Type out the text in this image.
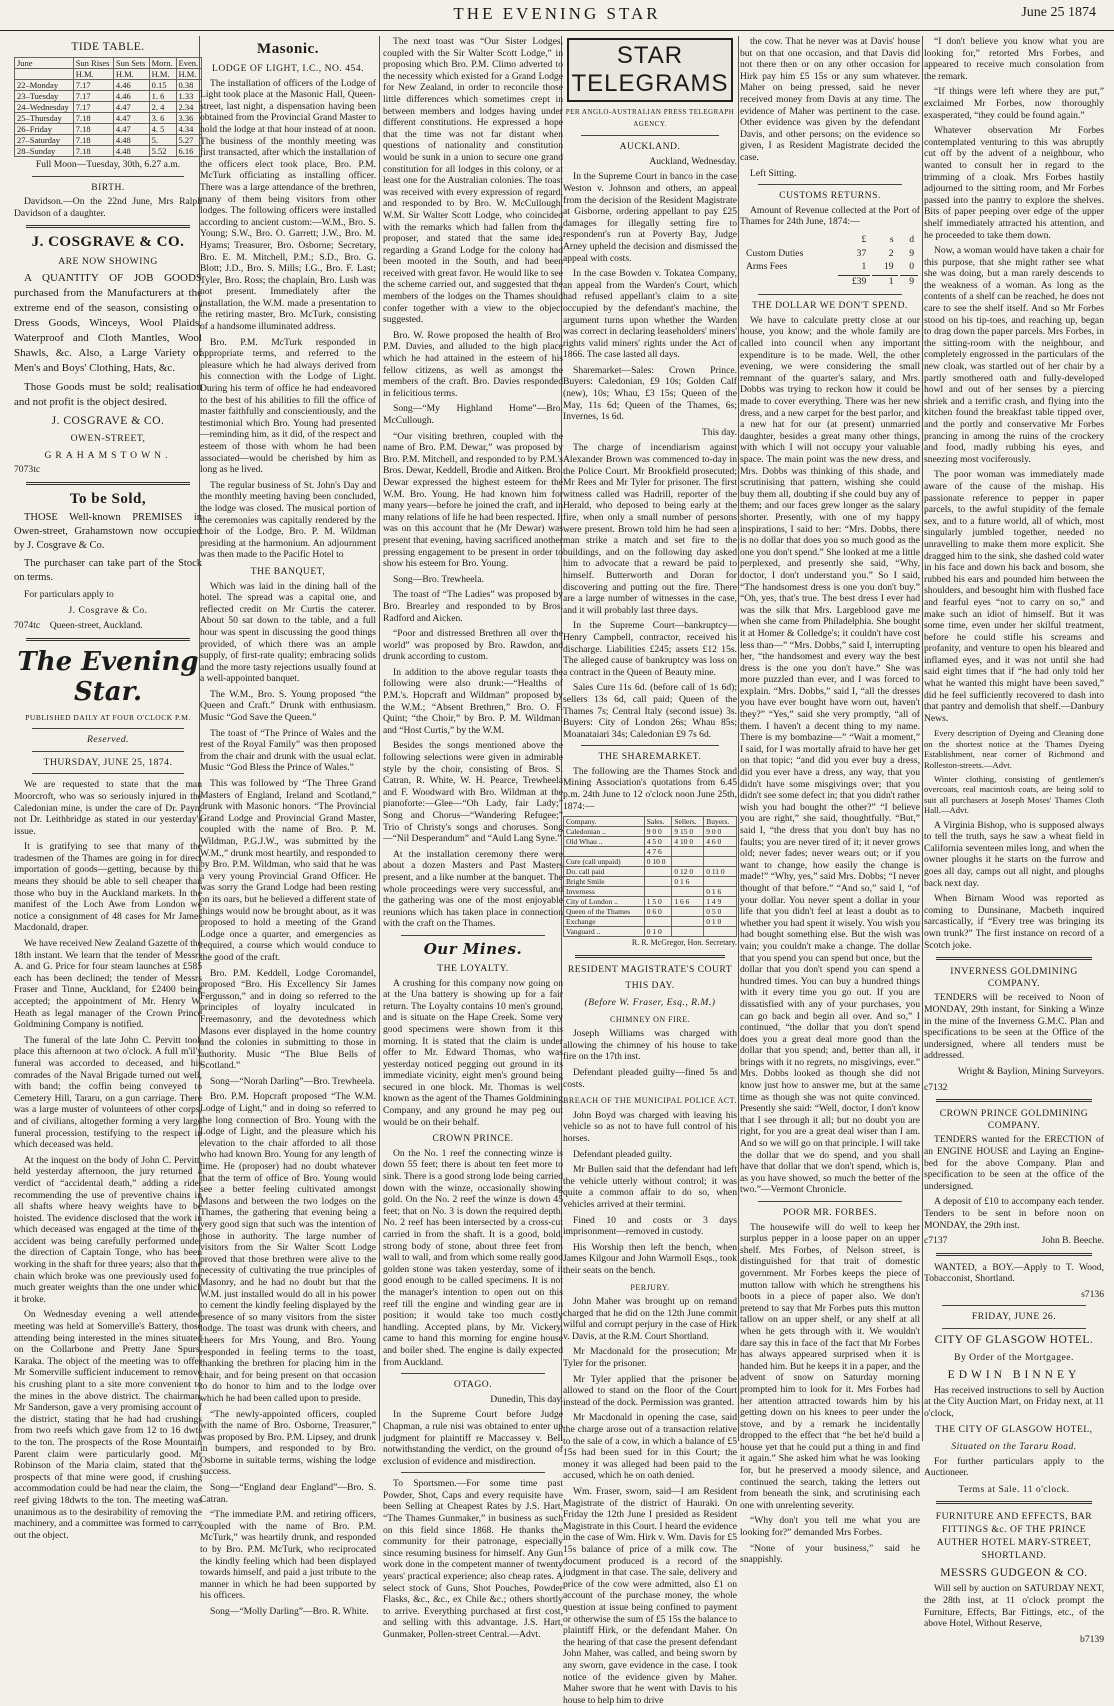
THE EVENING STAR	June 25 1874
TIDE TABLE.
June	Sun Rises	Sun Sets	Morn.	Even.
	H.M.	H.M.	H.M.	H.M.
22–Monday	7.17	4.46	0.15	0.38
23–Tuesday	7.17	4.46	1. 6	1.33
24–Wednesday	7.17	4.47	2. 4	2.34
25–Thursday	7.18	4.47	3. 6	3.36
26–Friday	7.18	4.47	4. 5	4.34
27–Saturday	7.18	4.48	5.	5.27
28–Sunday	7.18	4.48	5.52	6.16

Full Moon—Tuesday, 30th, 6.27 a.m.

BIRTH.

Davidson.—On the 22nd June, Mrs Ralph Davidson of a daughter.

J. COSGRAVE & CO.
ARE NOW SHOWING

A QUANTITY OF JOB GOODS purchased from the Manufacturers at the extreme end of the season, consisting of Dress Goods, Winceys, Wool Plaids, Waterproof and Cloth Mantles, Wool Shawls, &c. Also, a Large Variety of Men's and Boys' Clothing, Hats, &c.

Those Goods must be sold; realisation and not profit is the object desired.

J. COSGRAVE & CO.
OWEN-STREET,
GRAHAMSTOWN.

7073tc

To be Sold,

THOSE Well-known PREMISES in Owen-street, Grahamstown now occupied by J. Cosgrave & Co.

The purchaser can take part of the Stock on terms.

For particulars apply to

J. Cosgrave & Co.

7074tc Queen-street, Auckland.

The Evening Star.
PUBLISHED DAILY AT FOUR O'CLOCK P.M.
Reserved.
THURSDAY, JUNE 25, 1874.

We are requested to state that the man Moorcroft, who was so seriously injured in the Caledonian mine, is under the care of Dr. Payn, not Dr. Leithbridge as stated in our yesterday's issue.

It is gratifying to see that many of the tradesmen of the Thames are going in for direct importation of goods—getting, because by this means they should be able to sell cheaper than those who buy in the Auckland markets. In the manifest of the Loch Awe from London we notice a consignment of 48 cases for Mr James Macdonald, draper.

We have received New Zealand Gazette of the 18th instant. We learn that the tender of Messrs A. and G. Price for four steam launches at £585 each has been declined; the tender of Messrs Fraser and Tinne, Auckland, for £2400 being accepted; the appointment of Mr. Henry W. Heath as legal manager of the Crown Prince Goldmining Company is notified.

The funeral of the late John C. Pervitt took place this afternoon at two o'clock. A full m'il'y funeral was accorded to deceased, and his comrades of the Naval Brigade turned out well, with band; the coffin being conveyed to Cemetery Hill, Tararu, on a gun carriage. There was a large muster of volunteers of other corps, and of civilians, altogether forming a very large funeral procession, testifying to the respect in which deceased was held.

At the inquest on the body of John C. Pervitt, held yesterday afternoon, the jury returned a verdict of “accidental death,” adding a rider recommending the use of preventive chains in all shafts where heavy weights have to be hoisted. The evidence disclosed that the work in which deceased was engaged at the time of the accident was being carefully performed under the direction of Captain Tonge, who has been working in the shaft for three years; also that the chain which broke was one previously used for much greater weights than the one under which it broke.

On Wednesday evening a well attended meeting was held at Somerville's Battery, those attending being interested in the mines situated on the Collarbone and Pretty Jane Spurs, Karaka. The object of the meeting was to offer Mr Somerville sufficient inducement to remove his crushing plant to a site more convenient to the mines in the above district. The chairman, Mr Sanderson, gave a very promising account of the district, stating that he had had crushings from two reefs which gave from 12 to 16 dwts to the ton. The prospects of the Rose Mountain Parent claim were particularly good. Mr Robinson of the Maria claim, stated that the prospects of that mine were good, if crushing accommodation could be had near the claim, the reef giving 18dwts to the ton. The meeting was unanimous as to the desirability of removing the machinery, and a committee was formed to carry out the object.

Masonic.
LODGE OF LIGHT, I.C., NO. 454.

The installation of officers of the Lodge of Light took place at the Masonic Hall, Queen-street, last night, a dispensation having been obtained from the Provincial Grand Master to hold the lodge at that hour instead of at noon. The business of the monthly meeting was first transacted, after which the installation of the officers elect took place, Bro. P.M. McTurk officiating as installing officer. There was a large attendance of the brethren, many of them being visitors from other lodges. The following officers were installed according to ancient custom:—W.M., Bro. S. Young; S.W., Bro. O. Garrett; J.W., Bro. M. Hyams; Treasurer, Bro. Osborne; Secretary, Bro. E. M. Mitchell, P.M.; S.D., Bro. G. Blott; J.D., Bro. S. Mills; I.G., Bro. F. Last; Tyler, Bro. Ross; the chaplain, Bro. Lush was not present. Immediately after the installation, the W.M. made a presentation to the retiring master, Bro. McTurk, consisting of a handsome illuminated address.

Bro. P.M. McTurk responded in appropriate terms, and referred to the pleasure which he had always derived from his connection with the Lodge of Light. During his term of office he had endeavored to the best of his abilities to fill the office of master faithfully and conscientiously, and the testimonial which Bro. Young had presented—reminding him, as it did, of the respect and esteem of those with whom he had been associated—would be cherished by him as long as he lived.

The regular business of St. John's Day and the monthly meeting having been concluded, the lodge was closed. The musical portion of the ceremonies was capitally rendered by the choir of the Lodge, Bro. P. M. Wildman presiding at the harmonium. An adjournment was then made to the Pacific Hotel to

THE BANQUET,

Which was laid in the dining hall of the hotel. The spread was a capital one, and reflected credit on Mr Curtis the caterer. About 50 sat down to the table, and a full hour was spent in discussing the good things provided, of which there was an ample supply, of first-rate quality; embracing solids and the more tasty rejections usually found at a well-appointed banquet.

The W.M., Bro. S. Young proposed “the Queen and Craft.” Drunk with enthusiasm. Music “God Save the Queen.”

The toast of “The Prince of Wales and the rest of the Royal Family” was then proposed from the chair and drunk with the usual eclat. Music “God Bless the Prince of Wales.”

This was followed by “The Three Grand Masters of England, Ireland and Scotland,” drunk with Masonic honors. “The Provincial Grand Lodge and Provincial Grand Master, coupled with the name of Bro. P. M. Wildman, P.G.J.W., was submitted by the W.M.,” drunk most heartily, and responded to by Bro. P.M. Wildman, who said that he was a very young Provincial Grand Officer. He was sorry the Grand Lodge had been resting on its oars, but he believed a different state of things would now be brought about, as it was proposed to hold a meeting of the Grand Lodge once a quarter, and emergencies as required, a course which would conduce to the good of the craft.

Bro. P.M. Keddell, Lodge Coromandel, proposed “Bro. His Excellency Sir James Fergusson,” and in doing so referred to the principles of loyalty inculcated in Freemasonry, and the devotedness which Masons ever displayed in the home country and the colonies in submitting to those in authority. Music “The Blue Bells of Scotland.”

Song—“Norah Darling”—Bro. Trewheela.

Bro. P.M. Hopcraft proposed “The W.M. Lodge of Light,” and in doing so referred to the long connection of Bro. Young with the Lodge of Light, and the pleasure which his elevation to the chair afforded to all those who had known Bro. Young for any length of time. He (proposer) had no doubt whatever that the term of office of Bro. Young would see a better feeling cultivated amongst Masons and between the two lodges on the Thames, the gathering that evening being a very good sign that such was the intention of those in authority. The large number of visitors from the Sir Walter Scott Lodge proved that those brethren were alive to the necessity of cultivating the true principles of Masonry, and he had no doubt but that the W.M. just installed would do all in his power to cement the kindly feeling displayed by the presence of so many visitors from the sister lodge. The toast was drunk with cheers, and cheers for Mrs Young, and Bro. Young responded in feeling terms to the toast, thanking the brethren for placing him in the chair, and for being present on that occasion to do honor to him and to the lodge over which he had been called upon to preside.

“The newly-appointed officers, coupled with the name of Bro. Osborne, Treasurer,” was proposed by Bro. P.M. Lipsey, and drunk in bumpers, and responded to by Bro. Osborne in suitable terms, wishing the lodge success.

Song—“England dear England”—Bro. S. Catran.

“The immediate P.M. and retiring officers, coupled with the name of Bro. P.M. McTurk,” was heartily drunk, and responded to by Bro. P.M. McTurk, who reciprocated the kindly feeling which had been displayed towards himself, and paid a just tribute to the manner in which he had been supported by his officers.

Song—“Molly Darling”—Bro. R. White.

The next toast was “Our Sister Lodges, coupled with the Sir Walter Scott Lodge,” in proposing which Bro. P.M. Climo adverted to the necessity which existed for a Grand Lodge for New Zealand, in order to reconcile those little differences which sometimes crept in between members and lodges having under different constitutions. He expressed a hope that the time was not far distant when questions of nationality and constitution would be sunk in a union to secure one grand constitution for all lodges in this colony, or at least one for the Australian colonies. The toast was received with every expression of regard, and responded to by Bro. W. McCullough, W.M. Sir Walter Scott Lodge, who coincided with the remarks which had fallen from the proposer, and stated that the same idea regarding a Grand Lodge for the colony had been mooted in the South, and had been received with great favor. He would like to see the scheme carried out, and suggested that the members of the lodges on the Thames should confer together with a view to the object suggested.

Bro. W. Rowe proposed the health of Bro. P.M. Davies, and alluded to the high place which he had attained in the esteem of his fellow citizens, as well as amongst the members of the craft. Bro. Davies responded in felicitious terms.

Song—“My Highland Home”—Bro. McCullough.

“Our visiting brethren, coupled with the name of Bro. P.M. Dewar,” was proposed by Bro. P.M. Mitchell, and responded to by P.M.'s Bros. Dewar, Keddell, Brodie and Aitken. Bro. Dewar expressed the highest esteem for the W.M. Bro. Young. He had known him for many years—before he joined the craft, and in many relations of life he had been respected. It was on this account that he (Mr Dewar) was present that evening, having sacrificed another pressing engagement to be present in order to show his esteem for Bro. Young.

Song—Bro. Trewheela.

The toast of “The Ladies” was proposed by Bro. Brearley and responded to by Bros. Radford and Aicken.

“Poor and distressed Brethren all over the world” was proposed by Bro. Rawdon, and drunk according to custom.

In addition to the above regular toasts the following were also drunk:—“Healths of P.M.'s. Hopcraft and Wildman” proposed by the W.M.; “Absent Brethren,” Bro. O. F. Quint; “the Choir,” by Bro. P. M. Wildman; and “Host Curtis,” by the W.M.

Besides the songs mentioned above the following selections were given in admirable style by the choir, consisting of Bros. S. Catran, R. White, W. H. Pearce, Trewheela and F. Woodward with Bro. Wildman at the pianoforte:—Glee—“Oh Lady, fair Lady;” Song and Chorus—“Wandering Refugee;” Trio of Christy's songs and choruses. Song—“Nil Desperandum” and “Auld Lang Syne.”

At the installation ceremony there were about a dozen Masters and Past Masters present, and a like number at the banquet. The whole proceedings were very successful, and the gathering was one of the most enjoyable reunions which has taken place in connection with the craft on the Thames.

Our Mines.
THE LOYALTY.

A crushing for this company now going on at the Una battery is showing up for a fair return. The Loyalty contains 10 men's ground, and is situate on the Hape Creek. Some very good specimens were shown from it this morning. It is stated that the claim is under offer to Mr. Edward Thomas, who was yesterday noticed pegging out ground in its immediate vicinity, eight men's ground being secured in one block. Mr. Thomas is well known as the agent of the Thames Goldmining Company, and any ground he may peg out would be on their behalf.

CROWN PRINCE.

On the No. 1 reef the connecting winze is down 55 feet; there is about ten feet more to sink. There is a good strong lode being carried down with the winze, occasionally showing gold. On the No. 2 reef the winze is down 45 feet; that on No. 3 is down the required depth. No. 2 reef has been intersected by a cross-cut carried in from the shaft. It is a good, bold, strong body of stone, about three feet from wall to wall, and from which some really good golden stone was taken yesterday, some of it good enough to be called specimens. It is not the manager's intention to open out on this reef till the engine and winding gear are in position; it would take too much costly handling. Accepted plans, by Mr. Vickery, came to hand this morning for engine house and boiler shed. The engine is daily expected from Auckland.

OTAGO.

Dunedin, This day.

In the Supreme Court before Judge Chapman, a rule nisi was obtained to enter up judgment for plaintiff re Maccassey v. Bell notwithstanding the verdict, on the ground of exclusion of evidence and misdirection.

To Sportsmen.—For some time past Powder, Shot, Caps and every requisite have been Selling at Cheapest Rates by J.S. Hart, “The Thames Gunmaker,” in business as such on this field since 1868. He thanks the community for their patronage, especially since resuming business for himself. Any Gun work done in the competent manner of twenty years' practical experience; also cheap rates. A select stock of Guns, Shot Pouches, Powder Flasks, &c., &c., ex Chile &c.; others shortly to arrive. Everything purchased at first cost, and selling with this advantage. J.S. Hart, Gunmaker, Pollen-street Central.—Advt.

STAR TELEGRAMS
PER ANGLO-AUSTRALIAN PRESS TELEGRAPH AGENCY.
AUCKLAND.

Auckland, Wednesday.

In the Supreme Court in banco in the case Weston v. Johnson and others, an appeal from the decision of the Resident Magistrate at Gisborne, ordering appellant to pay £25 damages for illegally setting fire to respondent's run at Poverty Bay, Judge Arney upheld the decision and dismissed the appeal with costs.

In the case Bowden v. Tokatea Company, an appeal from the Warden's Court, which had refused appellant's claim to a site occupied by the defendant's machine, the argument turns upon whether the Warden was correct in declaring leaseholders' miners' rights valid miners' rights under the Act of 1866. The case lasted all days.

Sharemarket—Sales: Crown Prince. Buyers: Caledonian, £9 10s; Golden Calf (new), 10s; Whau, £3 15s; Queen of the May, 11s 6d; Queen of the Thames, 6s; Invernes, 1s 6d.

This day.

The charge of incendiarism against Alexander Brown was commenced to-day in the Police Court. Mr Brookfield prosecuted; Mr Rees and Mr Tyler for prisoner. The first witness called was Hadrill, reporter of the Herald, who deposed to being early at the fire, when only a small number of persons were present. Brown told him he had seen a man strike a match and set fire to the buildings, and on the following day asked him to advocate that a reward be paid to himself. Butterworth and Doran for discovering and putting out the fire. There are a large number of witnesses in the case, and it will probably last three days.

In the Supreme Court—bankruptcy—Henry Campbell, contractor, received his discharge. Liabilities £245; assets £12 15s. The alleged cause of bankruptcy was loss on a contract in the Queen of Beauty mine.

Sales Cure 11s 6d. (before call of 1s 6d); sellers 13s 6d, call paid; Queen of the Thames 7s; Central Italy (second issue) 3s. Buyers: City of London 26s; Whau 85s; Moanataiari 34s; Caledonian £9 7s 6d.

THE SHAREMARKET.

The following are the Thames Stock and Mining Association's quotations from 6.45 p.m. 24th June to 12 o'clock noon June 25th, 1874:—

Company.	Sales.	Sellers.	Buyers.
Caledonian ..	9 0 0	9 15 0	9 0 0
Old Whau ..	4 5 0	4 10 0	4 6 0
	4 7 6		
Cure (call unpaid)	0 10 0		
Do. call paid		0 12 0	0 11 0
Bright Smile		0 1 6	
Inverness			0 1 6
City of London ..	1 5 0	1 6 6	1 4 9
Queen of the Thames	0 6 0		0 5 0
Exchange			0 1 0
Vanguard ..	0 1 0		

R. R. McGregor, Hon. Secretary.

RESIDENT MAGISTRATE'S COURT
THIS DAY.
(Before W. Fraser, Esq., R.M.)
CHIMNEY ON FIRE.

Joseph Williams was charged with allowing the chimney of his house to take fire on the 17th inst.

Defendant pleaded guilty—fined 5s and costs.

BREACH OF THE MUNICIPAL POLICE ACT.

John Boyd was charged with leaving his vehicle so as not to have full control of his horses.

Defendant pleaded guilty.

Mr Bullen said that the defendant had left the vehicle utterly without control; it was quite a common affair to do so, when vehicles arrived at their termini.

Fined 10 and costs or 3 days imprisonment—removed in custody.

His Worship then left the bench, when James Kilgour and John Warmoll Esqs., took their seats on the bench.

PERJURY.

John Maher was brought up on remand charged that he did on the 12th June commit wilful and corrupt perjury in the case of Hirk v. Davis, at the R.M. Court Shortland.

Mr Macdonald for the prosecution; Mr Tyler for the prisoner.

Mr Tyler applied that the prisoner be allowed to stand on the floor of the Court instead of the dock. Permission was granted.

Mr Macdonald in opening the case, said the charge arose out of a transaction relative to the sale of a cow, in which a balance of £5 15s had been sued for in this Court; the money it was alleged had been paid to the accused, which he on oath denied.

Wm. Fraser, sworn, said—I am Resident Magistrate of the district of Hauraki. On Friday the 12th June I presided as Resident Magistrate in this Court. I heard the evidence in the case of Wm. Hirk v. Wm. Davis for £5 15s balance of price of a milk cow. The document produced is a record of the judgment in that case. The sale, delivery and price of the cow were admitted, also £1 on account of the purchase money, the whole question at issue being confined to payment or otherwise the sum of £5 15s the balance to plaintiff Hirk, or the defendant Maher. On the hearing of that case the present defendant John Maher, was called, and being sworn by any sworn, gave evidence in the case. I took notice of the evidence given by Maher. Maher swore that he went with Davis to his house to help him to drive

the cow. That he never was at Davis' house but on that one occasion, and that Davis did not there then or on any other occasion for Hirk pay him £5 15s or any sum whatever. Maher on being pressed, said he never received money from Davis at any time. The evidence of Maher was pertinent to the case. Other evidence was given by the defendant Davis, and other persons; on the evidence so given, I as Resident Magistrate decided the case.

Left Sitting.

CUSTOMS RETURNS.

Amount of Revenue collected at the Port of Thames for 24th June, 1874:—

	£	s	d
Custom Duties	37	2	9
Arms Fees	1	19	0
	£39	1	9
THE DOLLAR WE DON'T SPEND.

We have to calculate pretty close at our house, you know; and the whole family are called into council when any important expenditure is to be made. Well, the other evening, we were considering the small remnant of the quarter's salary, and Mrs. Dobbs was trying to reckon how it could be made to cover everything. There was her new dress, and a new carpet for the best parlor, and a new hat for our (at present) unmarried daughter, besides a great many other things, with which I will not occupy your valuable space. The main point was the new dress, and Mrs. Dobbs was thinking of this shade, and scrutinising that pattern, wishing she could buy them all, doubting if she could buy any of them; and our faces grew longer as the salary shorter. Presently, with one of my happy inspirations, I said to her: “Mrs. Dobbs, there is no dollar that does you so much good as the one you don't spend.” She looked at me a little perplexed, and presently she said, “Why, doctor, I don't understand you.” So I said, “The handsomest dress is one you don't buy.” “Oh, yes, that's true. The best dress I ever had was the silk that Mrs. Largeblood gave me when she came from Philadelphia. She bought it at Homer & Colledge's; it couldn't have cost less than—” “Mrs. Dobbs,” said I, interrupting her, “the handsomest and every way the best dress is the one you don't have.” She was more puzzled than ever, and I was forced to explain. “Mrs. Dobbs,” said I, “all the dresses you have ever bought have worn out, haven't they?” “Yes,” said she very promptly, “all of them. I haven't a decent thing to my name. There is my bombazine—” “Wait a moment,” I said, for I was mortally afraid to have her get on that topic; “and did you ever buy a dress, did you ever have a dress, any way, that you didn't have some misgivings over; that you didn't see some defect in; that you didn't rather wish you had bought the other?” “I believe you are right,” she said, thoughtfully. “But,” said I, “the dress that you don't buy has no faults; you are never tired of it; it never grows old; never fades; never wears out; or if you want to change, how easily the change is made!” “Why, yes,” said Mrs. Dobbs; “I never thought of that before.” “And so,” said I, “of your dollar. You never spent a dollar in your life that you didn't feel at least a doubt as to whether you had spent it wisely. You wish you had bought something else. But the wish was vain; you couldn't make a change. The dollar that you spend you can spend but once, but the dollar that you don't spend you can spend a hundred times. You can buy a hundred things with it every time you go out. If you are dissatisfied with any of your purchases, you can go back and begin all over. And so,” I continued, “the dollar that you don't spend does you a great deal more good than the dollar that you spend; and, better than all, it brings with it no regrets, no misgivings, ever.” Mrs. Dobbs looked as though she did not know just how to answer me, but at the same time as though she was not quite convinced. Presently she said: “Well, doctor, I don't know that I see through it all; but no doubt you are right, for you are a great deal wiser than I am. And so we will go on that principle. I will take the dollar that we do spend, and you shall have that dollar that we don't spend, which is, as you have showed, so much the better of the two.”—Vermont Chronicle.

POOR MR. FORBES.

The housewife will do well to keep her surplus pepper in a loose paper on an upper shelf. Mrs Forbes, of Nelson street, is distinguished for that trait of domestic government. Mr Forbes keeps the piece of mutton tallow with which he strengthens his boots in a piece of paper also. We don't pretend to say that Mr Forbes puts this mutton tallow on an upper shelf, or any shelf at all when he gets through with it. We wouldn't dare say this in face of the fact that Mr Forbes has always appeared surprised when it is handed him. But he keeps it in a paper, and the advent of snow on Saturday morning prompted him to look for it. Mrs Forbes had her attention attracted towards him by his getting down on his knees to peer under the stove, and by a remark he incidentally dropped to the effect that “he bet he'd build a house yet that he could put a thing in and find it again.” She asked him what he was looking for, but he preserved a moody silence, and continued the search, taking the letters out from beneath the sink, and scrutinising each one with unrelenting severity.

“Why don't you tell me what you are looking for?” demanded Mrs Forbes.

“None of your business,” said he snappishly.

“I don't believe you know what you are looking for,” retorted Mrs Forbes, and appeared to receive much consolation from the remark.

“If things were left where they are put,” exclaimed Mr Forbes, now thoroughly exasperated, “they could be found again.”

Whatever observation Mr Forbes contemplated venturing to this was abruptly cut off by the advent of a neighbour, who wanted to consult her in regard to the trimming of a cloak. Mrs Forbes hastily adjourned to the sitting room, and Mr Forbes passed into the pantry to explore the shelves. Bits of paper peeping over edge of the upper shelf immediately attracted his attention, and he proceeded to take them down.

Now, a woman would have taken a chair for this purpose, that she might rather see what she was doing, but a man rarely descends to the weakness of a woman. As long as the contents of a shelf can be reached, he does not care to see the shelf itself. And so Mr Forbes stood on his tip-toes, and reaching up, began to drag down the paper parcels. Mrs Forbes, in the sitting-room with the neighbour, and completely engrossed in the particulars of the new cloak, was startled out of her chair by a partly smothered oath and fully-developed howl and out of her senses by a piercing shriek and a terrific crash, and flying into the kitchen found the breakfast table tipped over, and the portly and conservative Mr Forbes prancing in among the ruins of the crockery and food, madly rubbing his eyes, and sneezing most vociferously.

The poor woman was immediately made aware of the cause of the mishap. His passionate reference to pepper in paper parcels, to the awful stupidity of the female sex, and to a future world, all of which, most singularly jumbled together, needed no unravelling to make them more explicit. She dragged him to the sink, she dashed cold water in his face and down his back and bosom, she rubbed his ears and pounded him between the shoulders, and besought him with flushed face and fearful eyes “not to carry on so,” and make such an idiot of himself. But it was some time, even under her skilful treatment, before he could stifle his screams and profanity, and venture to open his bleared and inflamed eyes, and it was not until she had said eight times that if “he had only told her what he wanted this might have been saved,” did he feel sufficiently recovered to dash into that pantry and demolish that shelf.—Danbury News.

Every description of Dyeing and Cleaning done on the shortest notice at the Thames Dyeing Establishment, near corner of Richmond and Rolleston-streets.—Advt.

Winter clothing, consisting of gentlemen's overcoats, real macintosh coats, are being sold to suit all purchasers at Joseph Moses' Thames Cloth Hall.—Advt.

A Virginia Bishop, who is supposed always to tell the truth, says he saw a wheat field in California seventeen miles long, and when the owner ploughs it he starts on the furrow and goes all day, camps out all night, and ploughs back next day.

When Birnam Wood was reported as coming to Dunsinane, Macbeth inquired sarcastically, if “Every tree was bringing its own trunk?” The first instance on record of a Scotch joke.

INVERNESS GOLDMINING COMPANY.

TENDERS will be received to Noon of MONDAY, 29th instant, for Sinking a Winze in the mine of the Inverness G.M.C. Plan and specifications to be seen at the Office of the undersigned, where all tenders must be addressed.

Wright & Baylion, Mining Surveyors.

c7132

CROWN PRINCE GOLDMINING COMPANY.

TENDERS wanted for the ERECTION of an ENGINE HOUSE and Laying an Engine-bed for the above Company. Plan and specification to be seen at the office of the undersigned.

A deposit of £10 to accompany each tender. Tenders to be sent in before noon on MONDAY, the 29th inst.

c7137	John B. Beeche.

WANTED, a BOY.—Apply to T. Wood, Tobacconist, Shortland.

s7136

FRIDAY, JUNE 26.
CITY OF GLASGOW HOTEL.
By Order of the Mortgagee.
EDWIN BINNEY

Has received instructions to sell by Auction at the City Auction Mart, on Friday next, at 11 o'clock,

THE CITY OF GLASGOW HOTEL,
Situated on the Tararu Road.

For further particulars apply to the Auctioneer.

Terms at Sale. 11 o'clock.
FURNITURE AND EFFECTS, BAR FITTINGS &c. OF THE PRINCE AUTHER HOTEL MARY-STREET, SHORTLAND.
MESSRS GUDGEON & CO.

Will sell by auction on SATURDAY NEXT, the 28th inst, at 11 o'clock prompt the Furniture, Effects, Bar Fittings, etc., of the above Hotel, Without Reserve,

b7139
